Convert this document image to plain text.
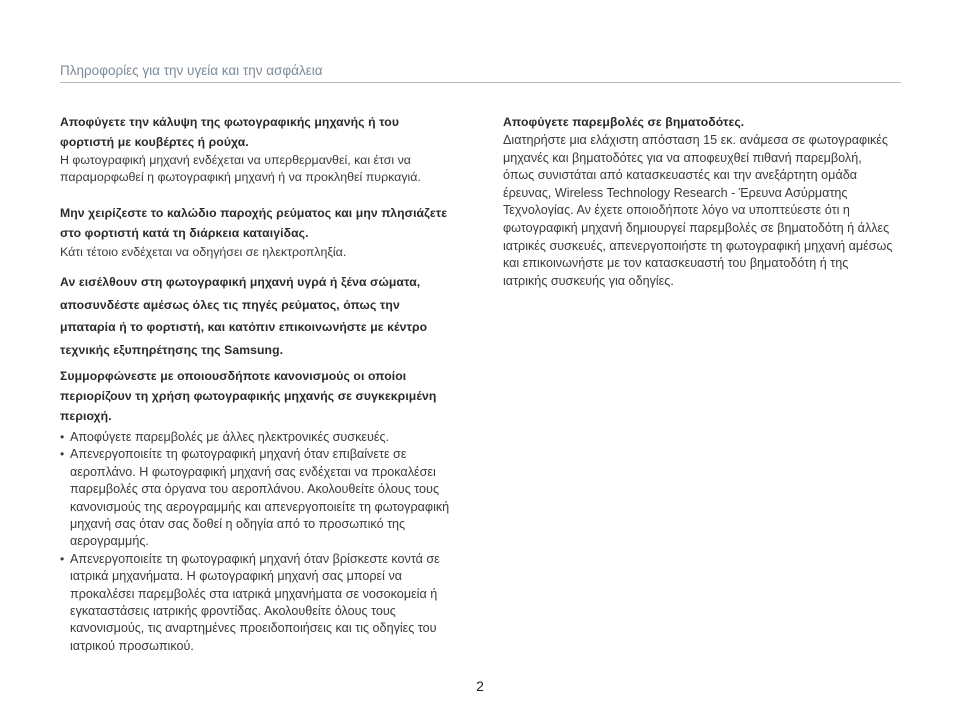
Πληροφορίες για την υγεία και την ασφάλεια
Αποφύγετε την κάλυψη της φωτογραφικής μηχανής ή του φορτιστή με κουβέρτες ή ρούχα.
Η φωτογραφική μηχανή ενδέχεται να υπερθερμανθεί, και έτσι να παραμορφωθεί η φωτογραφική μηχανή ή να προκληθεί πυρκαγιά.
Μην χειρίζεστε το καλώδιο παροχής ρεύματος και μην πλησιάζετε στο φορτιστή κατά τη διάρκεια καταιγίδας.
Κάτι τέτοιο ενδέχεται να οδηγήσει σε ηλεκτροπληξία.
Αν εισέλθουν στη φωτογραφική μηχανή υγρά ή ξένα σώματα, αποσυνδέστε αμέσως όλες τις πηγές ρεύματος, όπως την μπαταρία ή το φορτιστή, και κατόπιν επικοινωνήστε με κέντρο τεχνικής εξυπηρέτησης της Samsung.
Συμμορφώνεστε με οποιουσδήποτε κανονισμούς οι οποίοι περιορίζουν τη χρήση φωτογραφικής μηχανής σε συγκεκριμένη περιοχή.
• Αποφύγετε παρεμβολές με άλλες ηλεκτρονικές συσκευές.
• Απενεργοποιείτε τη φωτογραφική μηχανή όταν επιβαίνετε σε αεροπλάνο. Η φωτογραφική μηχανή σας ενδέχεται να προκαλέσει παρεμβολές στα όργανα του αεροπλάνου. Ακολουθείτε όλους τους κανονισμούς της αερογραμμής και απενεργοποιείτε τη φωτογραφική μηχανή σας όταν σας δοθεί η οδηγία από το προσωπικό της αερογραμμής.
• Απενεργοποιείτε τη φωτογραφική μηχανή όταν βρίσκεστε κοντά σε ιατρικά μηχανήματα. Η φωτογραφική μηχανή σας μπορεί να προκαλέσει παρεμβολές στα ιατρικά μηχανήματα σε νοσοκομεία ή εγκαταστάσεις ιατρικής φροντίδας. Ακολουθείτε όλους τους κανονισμούς, τις αναρτημένες προειδοποιήσεις και τις οδηγίες του ιατρικού προσωπικού.
Αποφύγετε παρεμβολές σε βηματοδότες.
Διατηρήστε μια ελάχιστη απόσταση 15 εκ. ανάμεσα σε φωτογραφικές μηχανές και βηματοδότες για να αποφευχθεί πιθανή παρεμβολή, όπως συνιστάται από κατασκευαστές και την ανεξάρτητη ομάδα έρευνας, Wireless Technology Research - Έρευνα Ασύρματης Τεχνολογίας. Αν έχετε οποιοδήποτε λόγο να υποπτεύεστε ότι η φωτογραφική μηχανή δημιουργεί παρεμβολές σε βηματοδότη ή άλλες ιατρικές συσκευές, απενεργοποιήστε τη φωτογραφική μηχανή αμέσως και επικοινωνήστε με τον κατασκευαστή του βηματοδότη ή της ιατρικής συσκευής για οδηγίες.
2
